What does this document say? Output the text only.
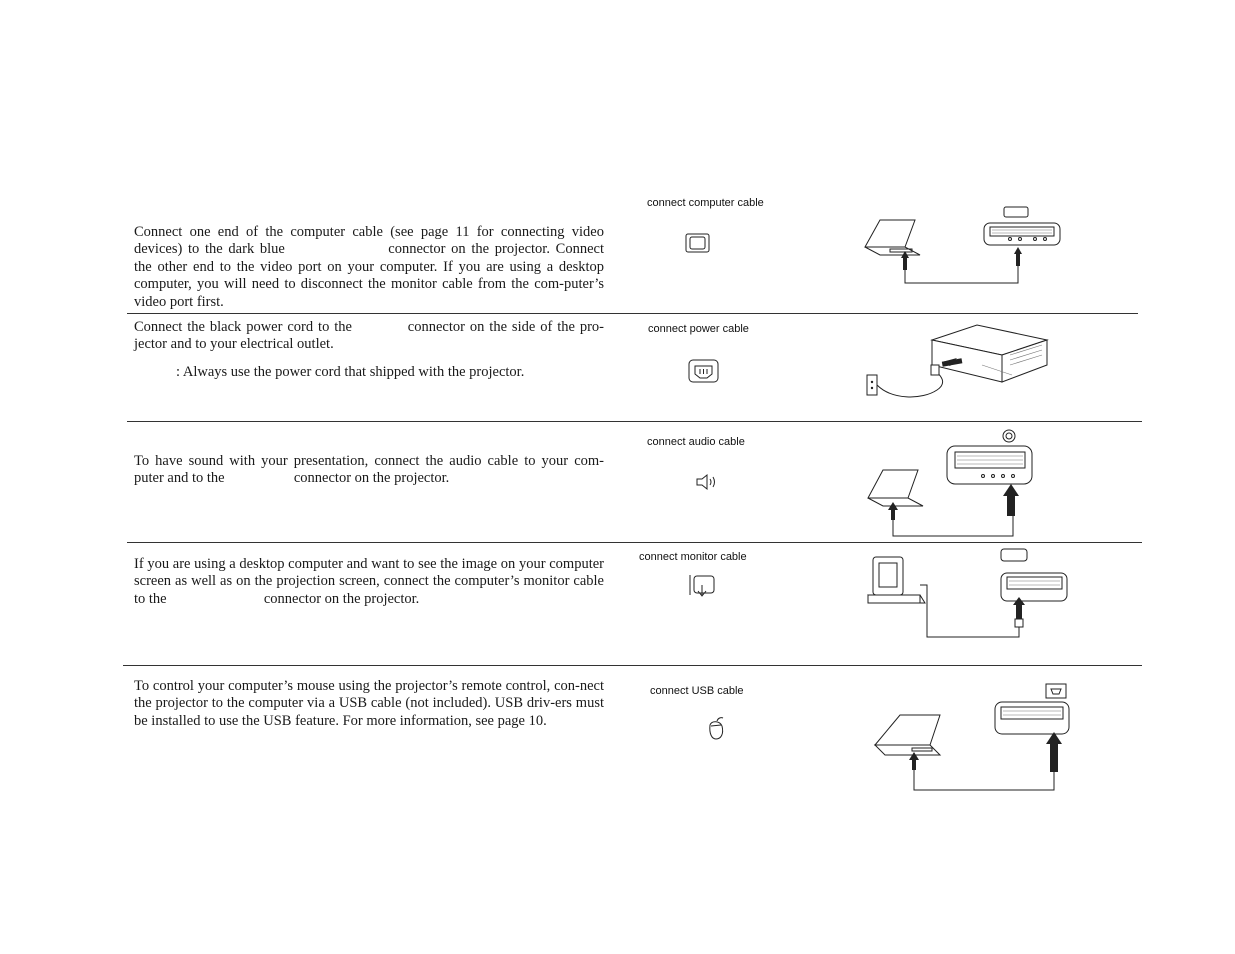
connect computer cable

Connect one end of the computer cable (see page 11 for connecting video devices) to the dark blue	connector on the projector. Connect the other end to the video port on your computer. If you are using a desktop computer, you will need to disconnect the monitor cable from the com-puter’s video port first.

connect power cable

Connect the black power cord to the	connector on the side of the pro-jector and to your electrical outlet.

: Always use the power cord that shipped with the projector.

connect audio cable

To have sound with your presentation, connect the audio cable to your com-puter and to the	connector on the projector.

connect monitor cable

If you are using a desktop computer and want to see the image on your computer screen as well as on the projection screen, connect the computer’s monitor cable to the	connector on the projector.

connect USB cable

To control your computer’s mouse using the projector’s remote control, con-nect the projector to the computer via a USB cable (not included). USB driv-ers must be installed to use the USB feature. For more information, see page 10.
